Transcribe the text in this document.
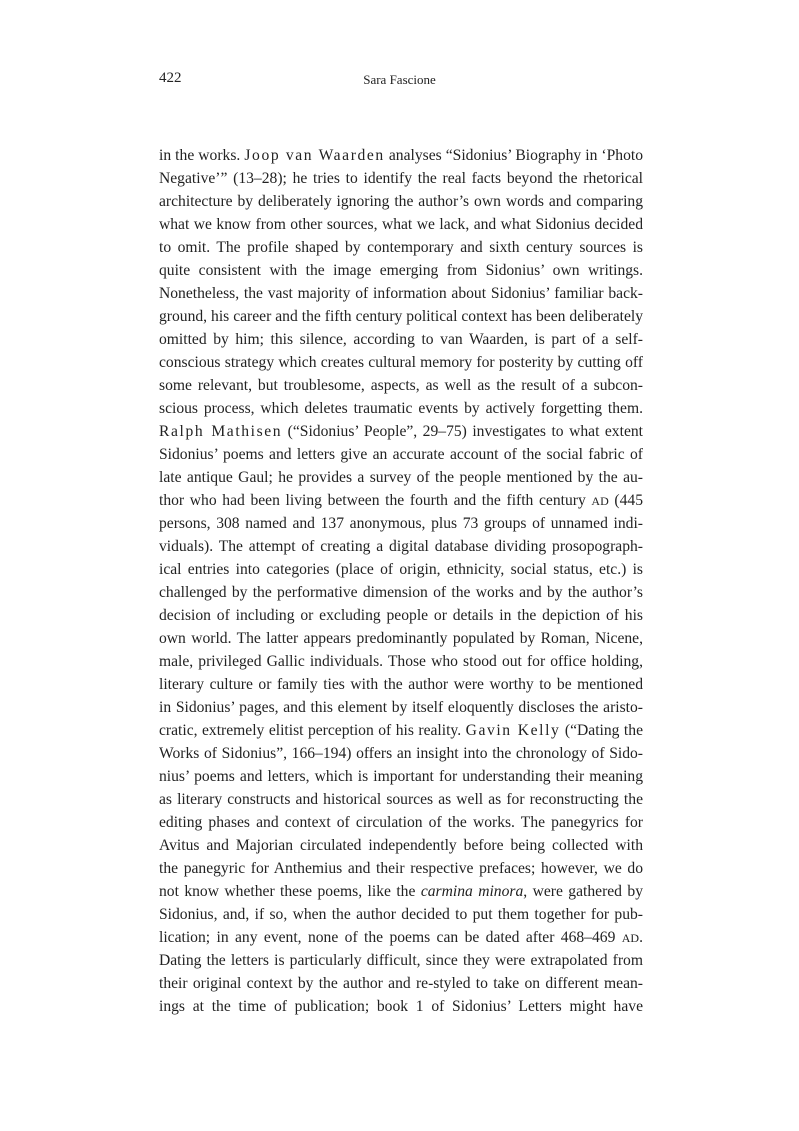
422	Sara Fascione
in the works. Joop van Waarden analyses “Sidonius’ Biography in ‘Photo
Negative’” (13–28); he tries to identify the real facts beyond the rhetorical
architecture by deliberately ignoring the author’s own words and comparing
what we know from other sources, what we lack, and what Sidonius decided
to omit. The profile shaped by contemporary and sixth century sources is
quite consistent with the image emerging from Sidonius’ own writings.
Nonetheless, the vast majority of information about Sidonius’ familiar back-
ground, his career and the fifth century political context has been deliberately
omitted by him; this silence, according to van Waarden, is part of a self-
conscious strategy which creates cultural memory for posterity by cutting off
some relevant, but troublesome, aspects, as well as the result of a subcon-
scious process, which deletes traumatic events by actively forgetting them.
Ralph Mathisen (“Sidonius’ People”, 29–75) investigates to what extent
Sidonius’ poems and letters give an accurate account of the social fabric of
late antique Gaul; he provides a survey of the people mentioned by the au-
thor who had been living between the fourth and the fifth century AD (445
persons, 308 named and 137 anonymous, plus 73 groups of unnamed indi-
viduals). The attempt of creating a digital database dividing prosopograph-
ical entries into categories (place of origin, ethnicity, social status, etc.) is
challenged by the performative dimension of the works and by the author’s
decision of including or excluding people or details in the depiction of his
own world. The latter appears predominantly populated by Roman, Nicene,
male, privileged Gallic individuals. Those who stood out for office holding,
literary culture or family ties with the author were worthy to be mentioned
in Sidonius’ pages, and this element by itself eloquently discloses the aristo-
cratic, extremely elitist perception of his reality. Gavin Kelly (“Dating the
Works of Sidonius”, 166–194) offers an insight into the chronology of Sido-
nius’ poems and letters, which is important for understanding their meaning
as literary constructs and historical sources as well as for reconstructing the
editing phases and context of circulation of the works. The panegyrics for
Avitus and Majorian circulated independently before being collected with
the panegyric for Anthemius and their respective prefaces; however, we do
not know whether these poems, like the carmina minora, were gathered by
Sidonius, and, if so, when the author decided to put them together for pub-
lication; in any event, none of the poems can be dated after 468–469 AD.
Dating the letters is particularly difficult, since they were extrapolated from
their original context by the author and re-styled to take on different mean-
ings at the time of publication; book 1 of Sidonius’ Letters might have
